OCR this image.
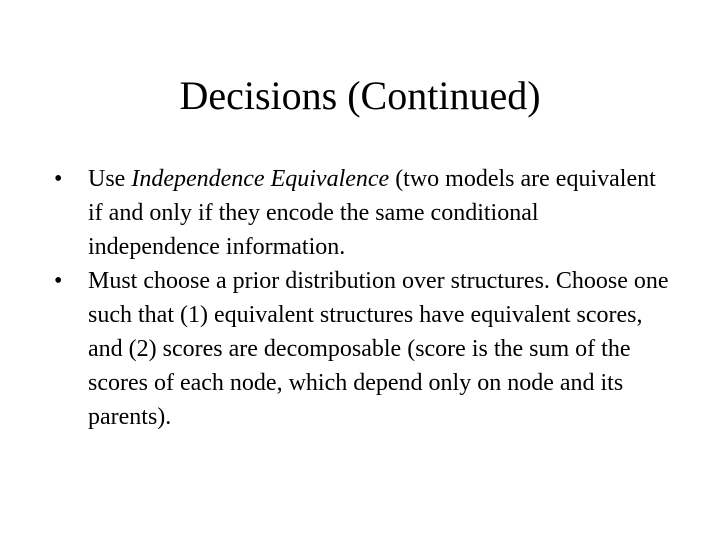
Decisions (Continued)
•	Use Independence Equivalence (two models are equivalent if and only if they encode the same conditional independence information.
•	Must choose a prior distribution over structures. Choose one such that (1) equivalent structures have equivalent scores, and (2) scores are decomposable (score is the sum of the scores of each node, which depend only on node and its parents).
